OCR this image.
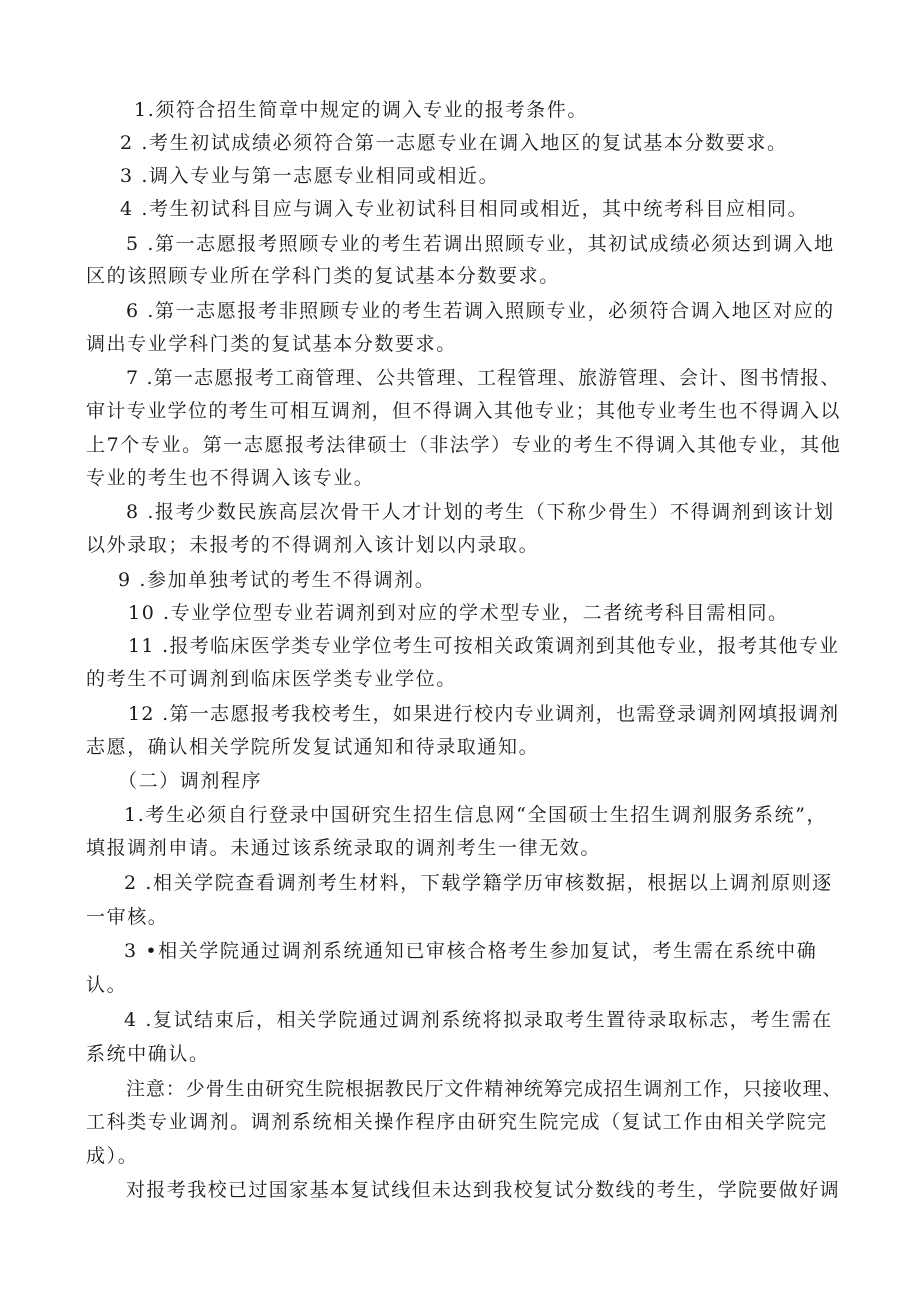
1.须符合招生简章中规定的调入专业的报考条件。
2 .考生初试成绩必须符合第一志愿专业在调入地区的复试基本分数要求。
3 .调入专业与第一志愿专业相同或相近。
4 .考生初试科目应与调入专业初试科目相同或相近，其中统考科目应相同。
5 .第一志愿报考照顾专业的考生若调出照顾专业，其初试成绩必须达到调入地
区的该照顾专业所在学科门类的复试基本分数要求。
6 .第一志愿报考非照顾专业的考生若调入照顾专业，必须符合调入地区对应的
调出专业学科门类的复试基本分数要求。
7 .第一志愿报考工商管理、公共管理、工程管理、旅游管理、会计、图书情报、
审计专业学位的考生可相互调剂，但不得调入其他专业；其他专业考生也不得调入以
上7个专业。第一志愿报考法律硕士（非法学）专业的考生不得调入其他专业，其他
专业的考生也不得调入该专业。
8 .报考少数民族高层次骨干人才计划的考生（下称少骨生）不得调剂到该计划
以外录取；未报考的不得调剂入该计划以内录取。
9 .参加单独考试的考生不得调剂。
10 .专业学位型专业若调剂到对应的学术型专业，二者统考科目需相同。
11 .报考临床医学类专业学位考生可按相关政策调剂到其他专业，报考其他专业
的考生不可调剂到临床医学类专业学位。
12 .第一志愿报考我校考生，如果进行校内专业调剂，也需登录调剂网填报调剂
志愿，确认相关学院所发复试通知和待录取通知。
（二）调剂程序
1.考生必须自行登录中国研究生招生信息网“全国硕士生招生调剂服务系统”，
填报调剂申请。未通过该系统录取的调剂考生一律无效。
2 .相关学院查看调剂考生材料，下载学籍学历审核数据，根据以上调剂原则逐
一审核。
3 •相关学院通过调剂系统通知已审核合格考生参加复试，考生需在系统中确
认。
4 .复试结束后，相关学院通过调剂系统将拟录取考生置待录取标志，考生需在
系统中确认。
注意：少骨生由研究生院根据教民厅文件精神统筹完成招生调剂工作，只接收理、
工科类专业调剂。调剂系统相关操作程序由研究生院完成（复试工作由相关学院完
成）。
对报考我校已过国家基本复试线但未达到我校复试分数线的考生，学院要做好调
